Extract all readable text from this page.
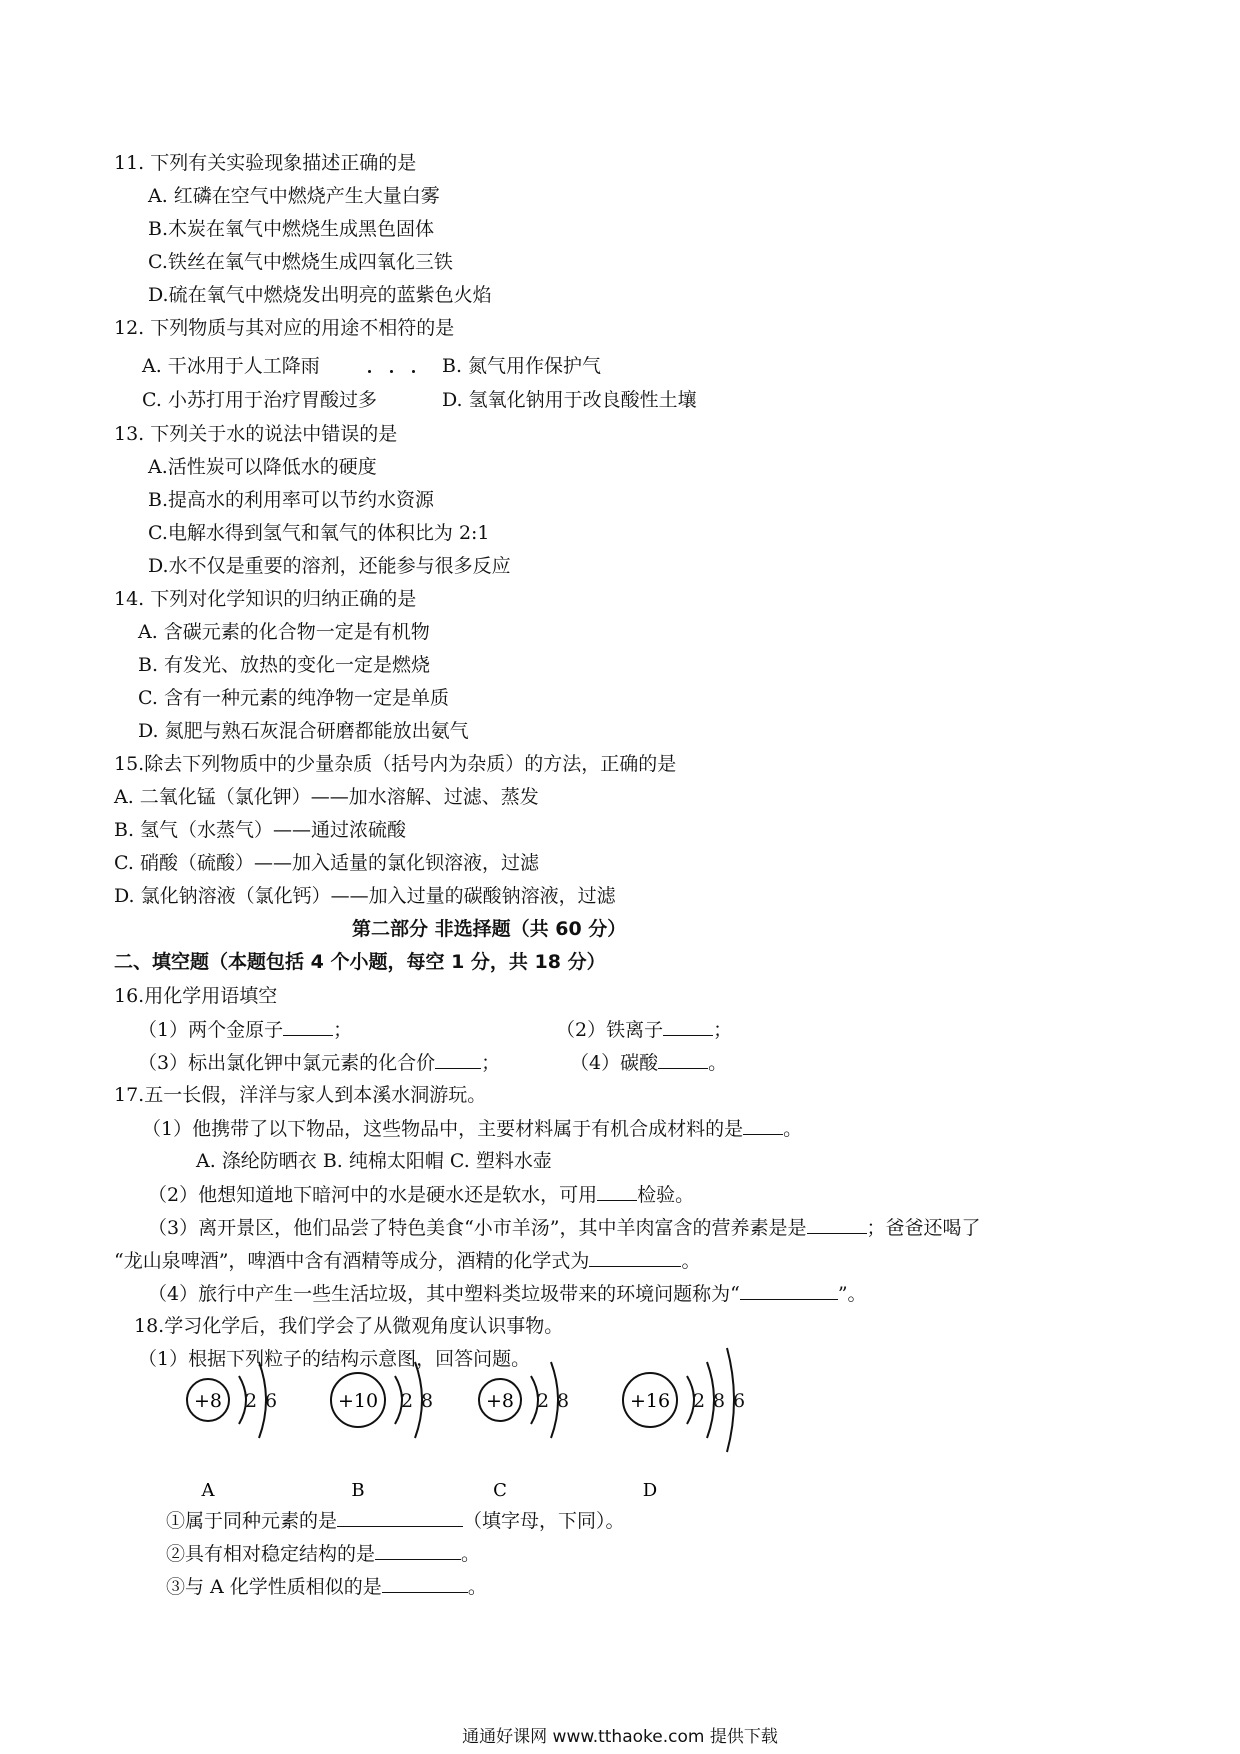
11. 下列有关实验现象描述正确的是
A. 红磷在空气中燃烧产生大量白雾
B.木炭在氧气中燃烧生成黑色固体
C.铁丝在氧气中燃烧生成四氧化三铁
D.硫在氧气中燃烧发出明亮的蓝紫色火焰
12. 下列物质与其对应的用途不相符的是
A. 干冰用于人工降雨	B. 氮气用作保护气
C. 小苏打用于治疗胃酸过多	D. 氢氧化钠用于改良酸性土壤
13. 下列关于水的说法中错误的是
A.活性炭可以降低水的硬度
B.提高水的利用率可以节约水资源
C.电解水得到氢气和氧气的体积比为 2:1
D.水不仅是重要的溶剂，还能参与很多反应
14. 下列对化学知识的归纳正确的是
A. 含碳元素的化合物一定是有机物
B. 有发光、放热的变化一定是燃烧
C. 含有一种元素的纯净物一定是单质
D. 氮肥与熟石灰混合研磨都能放出氨气
15.除去下列物质中的少量杂质（括号内为杂质）的方法，正确的是
A. 二氧化锰（氯化钾）——加水溶解、过滤、蒸发
B. 氢气（水蒸气）——通过浓硫酸
C. 硝酸（硫酸）——加入适量的氯化钡溶液，过滤
D. 氯化钠溶液（氯化钙）——加入过量的碳酸钠溶液，过滤
第二部分 非选择题（共 60 分）
二、填空题（本题包括 4 个小题，每空 1 分，共 18 分）
16.用化学用语填空
（1）两个金原子	；	（2）铁离子	；
（3）标出氯化钾中氯元素的化合价 ；	（4）碳酸	。
17.五一长假，洋洋与家人到本溪水洞游玩。
（1）他携带了以下物品，这些物品中，主要材料属于有机合成材料的是 。
A. 涤纶防晒衣 B. 纯棉太阳帽 C. 塑料水壶
（2）他想知道地下暗河中的水是硬水还是软水，可用 检验。
（3）离开景区，他们品尝了特色美食“小市羊汤”，其中羊肉富含的营养素是是	；爸爸还喝了
“龙山泉啤酒”，啤酒中含有酒精等成分，酒精的化学式为	。
（4）旅行中产生一些生活垃圾，其中塑料类垃圾带来的环境问题称为“	”。
18.学习化学后，我们学会了从微观角度认识事物。
（1）根据下列粒子的结构示意图，回答问题。
+8 2 6
A
+10 2 8
B
+8 2 8
C
+16 2 8 6
D
①属于同种元素的是	（填字母，下同）。
②具有相对稳定结构的是	。
③与 A 化学性质相似的是	。
通通好课网 www.tthaoke.com 提供下载
